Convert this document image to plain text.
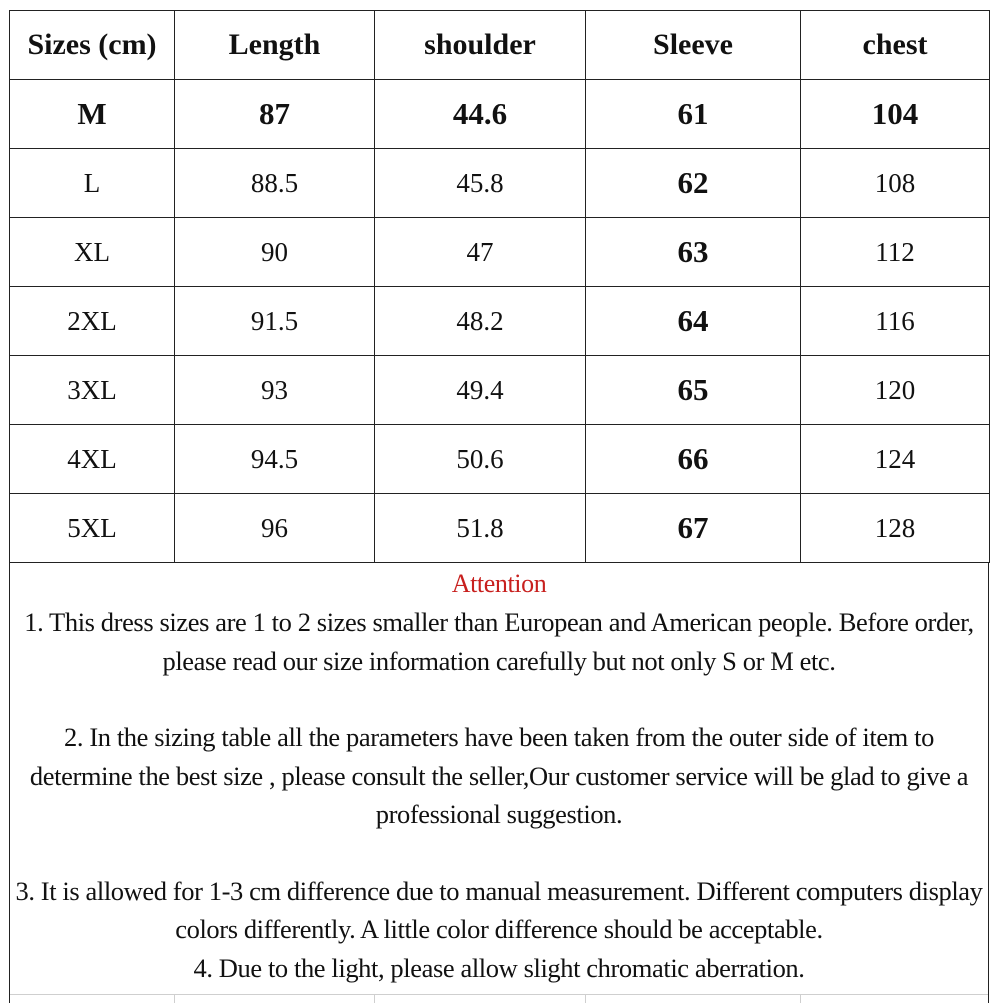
Sizes (cm)	Length	shoulder	Sleeve	chest
M	87	44.6	61	104
L	88.5	45.8	62	108
XL	90	47	63	112
2XL	91.5	48.2	64	116
3XL	93	49.4	65	120
4XL	94.5	50.6	66	124
5XL	96	51.8	67	128
Attention

1. This dress sizes are 1 to 2 sizes smaller than European and American people. Before order, please read our size information carefully but not only S or M etc.

2. In the sizing table all the parameters have been taken from the outer side of item to determine the best size , please consult the seller,Our customer service will be glad to give a professional suggestion.

3. It is allowed for 1-3 cm difference due to manual measurement. Different computers display colors differently. A little color difference should be acceptable.

4. Due to the light, please allow slight chromatic aberration.
